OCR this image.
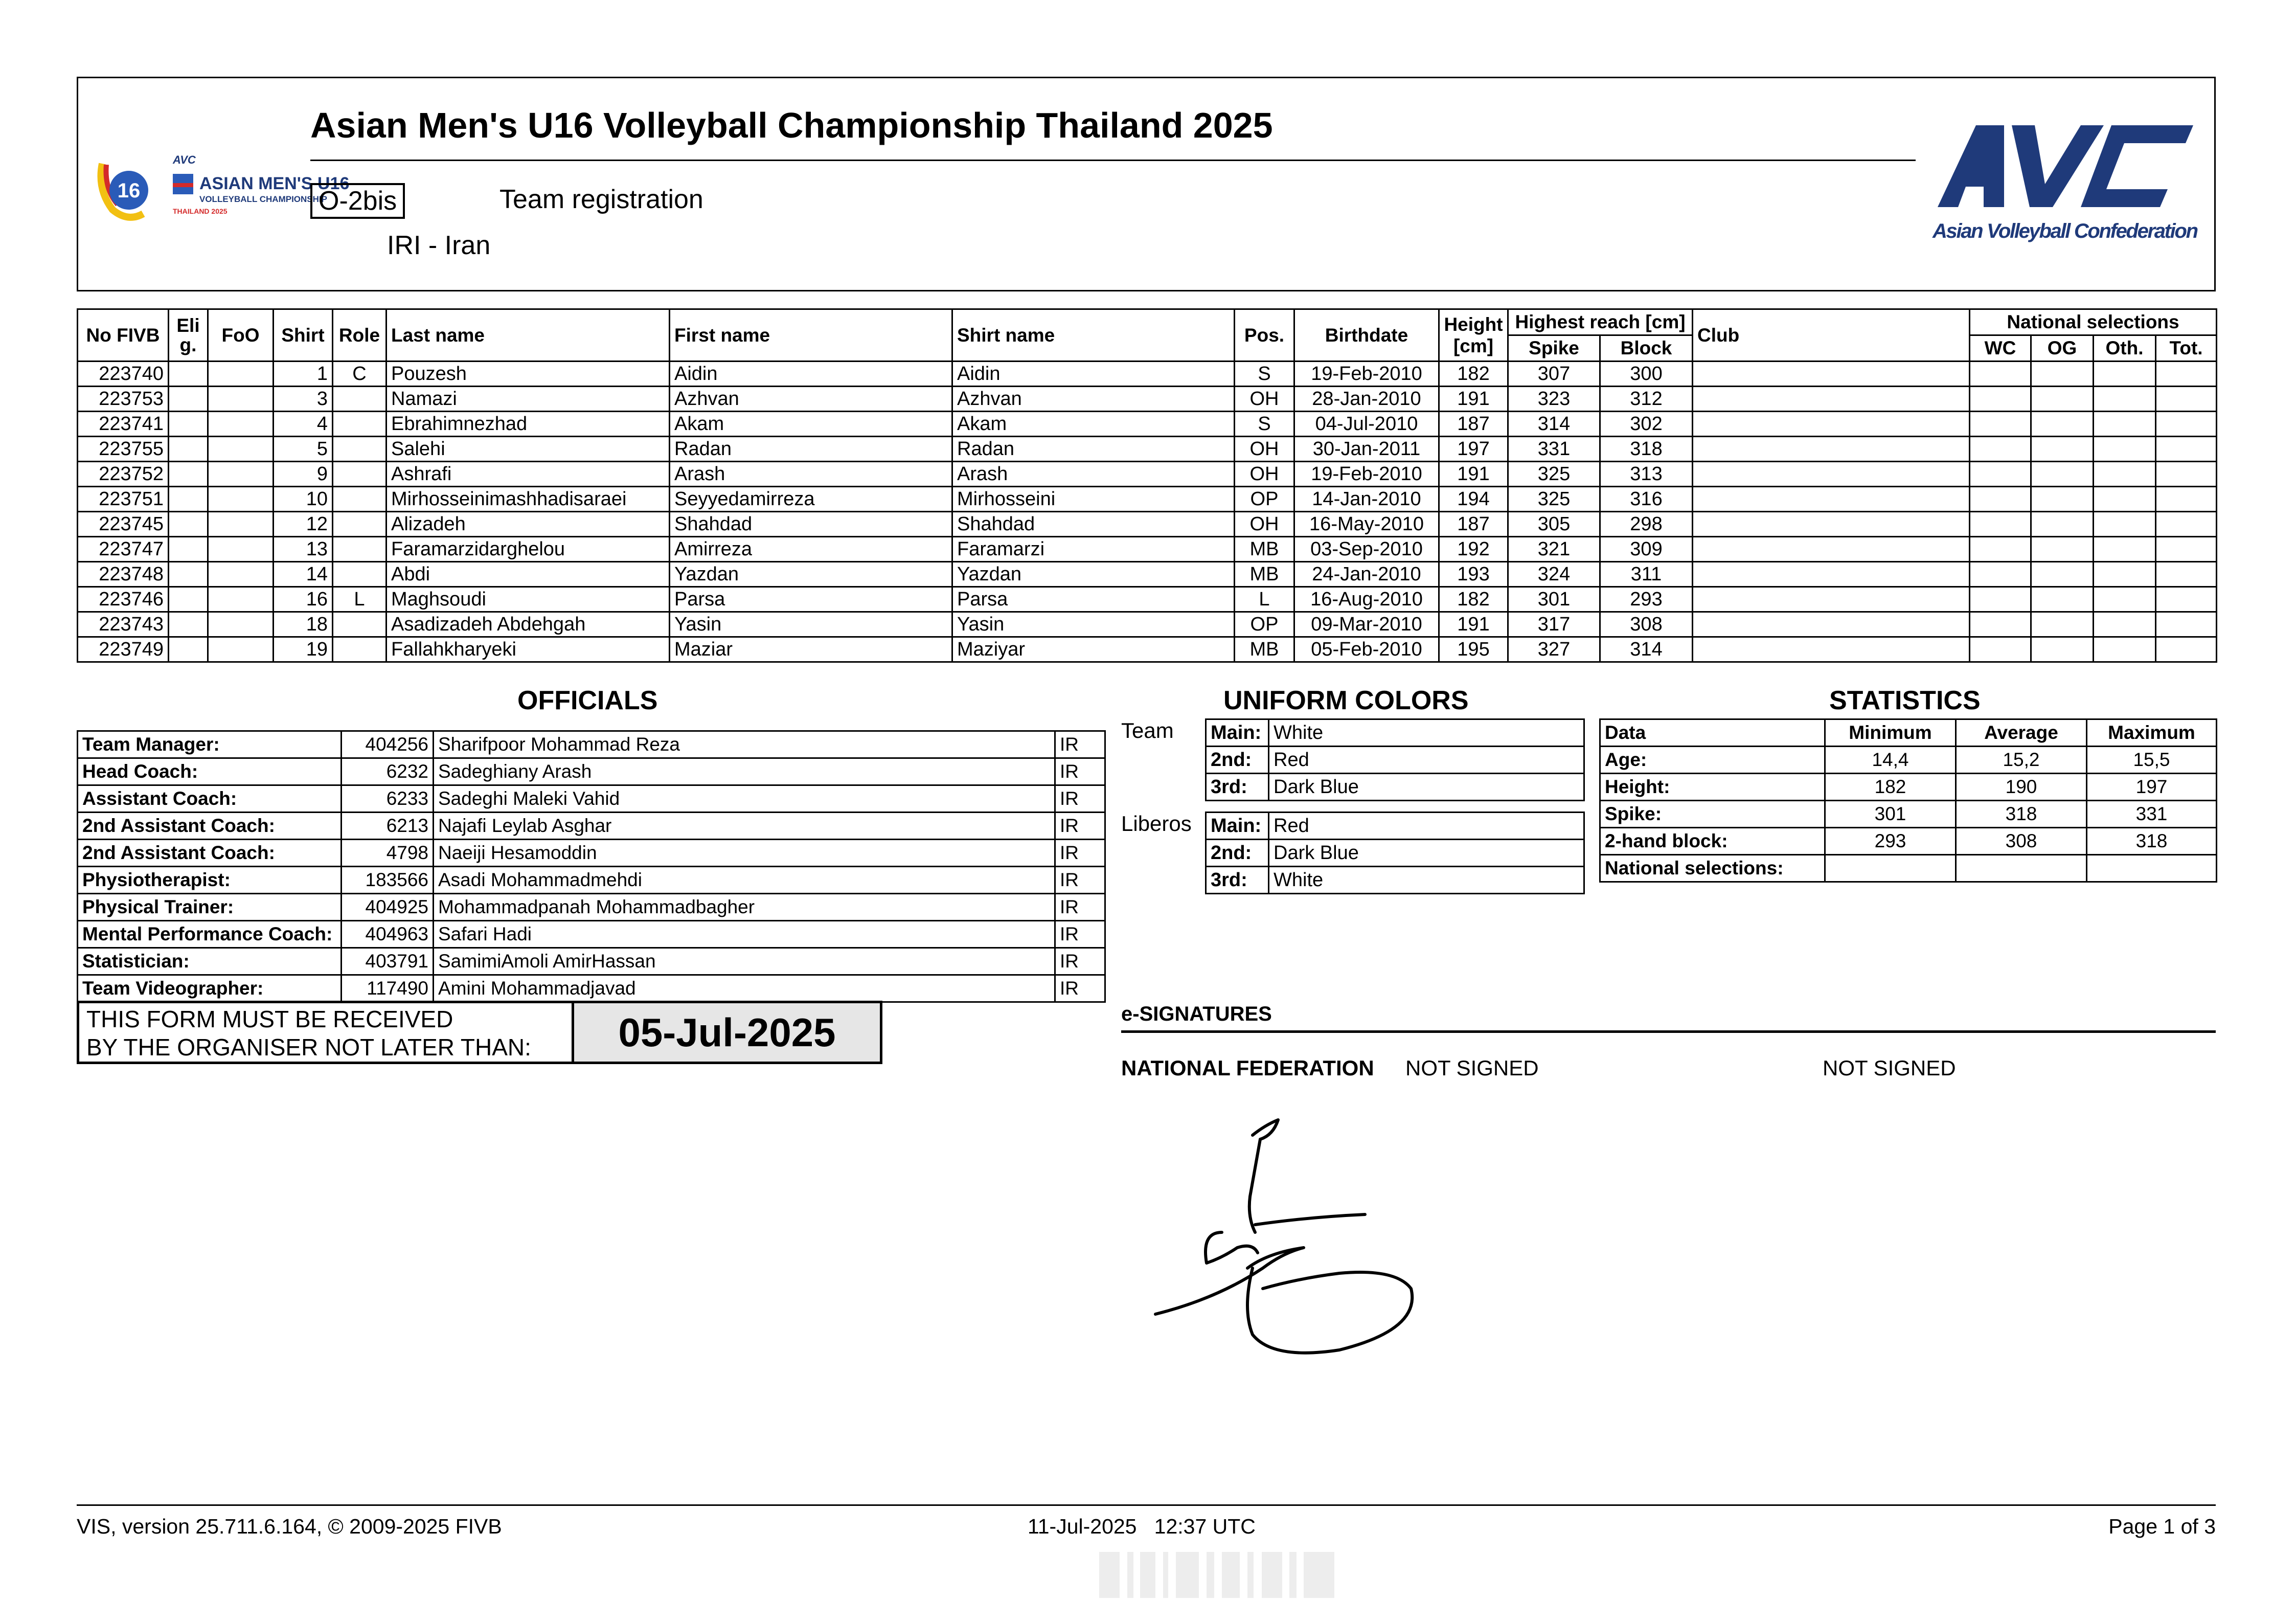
16
AVC
ASIAN MEN'S U16
VOLLEYBALL CHAMPIONSHIP
THAILAND 2025
Asian Men's U16 Volleyball Championship Thailand 2025
O-2bis	Team registration
IRI - Iran	Asian Volleyball Confederation
No FIVB	Eli g.	FoO	Shirt	Role	Last name	First name	Shirt name	Pos.	Birthdate	Height [cm]	Highest reach [cm]		Club	National selections			
											Spike	Block		WC	OG	Oth.	Tot.
223740			1	C	Pouzesh	Aidin	Aidin	S	19-Feb-2010	182	307	300					
223753			3		Namazi	Azhvan	Azhvan	OH	28-Jan-2010	191	323	312					
223741			4		Ebrahimnezhad	Akam	Akam	S	04-Jul-2010	187	314	302					
223755			5		Salehi	Radan	Radan	OH	30-Jan-2011	197	331	318					
223752			9		Ashrafi	Arash	Arash	OH	19-Feb-2010	191	325	313					
223751			10		Mirhosseinimashhadisaraei	Seyyedamirreza	Mirhosseini	OP	14-Jan-2010	194	325	316					
223745			12		Alizadeh	Shahdad	Shahdad	OH	16-May-2010	187	305	298					
223747			13		Faramarzidarghelou	Amirreza	Faramarzi	MB	03-Sep-2010	192	321	309					
223748			14		Abdi	Yazdan	Yazdan	MB	24-Jan-2010	193	324	311					
223746			16	L	Maghsoudi	Parsa	Parsa	L	16-Aug-2010	182	301	293					
223743			18		Asadizadeh Abdehgah	Yasin	Yasin	OP	09-Mar-2010	191	317	308					
223749			19		Fallahkharyeki	Maziar	Maziyar	MB	05-Feb-2010	195	327	314					
OFFICIALS
Team Manager:	404256	Sharifpoor Mohammad Reza	IR
Head Coach:	6232	Sadeghiany Arash	IR
Assistant Coach:	6233	Sadeghi Maleki Vahid	IR
2nd Assistant Coach:	6213	Najafi Leylab Asghar	IR
2nd Assistant Coach:	4798	Naeiji Hesamoddin	IR
Physiotherapist:	183566	Asadi Mohammadmehdi	IR
Physical Trainer:	404925	Mohammadpanah Mohammadbagher	IR
Mental Performance Coach:	404963	Safari Hadi	IR
Statistician:	403791	SamimiAmoli AmirHassan	IR
Team Videographer:	117490	Amini Mohammadjavad	IR
THIS FORM MUST BE RECEIVED
BY THE ORGANISER NOT LATER THAN:	05-Jul-2025
UNIFORM COLORS
Team Main:	White
2nd:	Red
3rd:	Dark Blue
Liberos Main:	Red
2nd:	Dark Blue
3rd:	White
STATISTICS
Data	Minimum	Average	Maximum
Age:	14,4	15,2	15,5
Height:	182	190	197
Spike:	301	318	331
2-hand block:	293	308	318
National selections:			
e-SIGNATURES
NATIONAL FEDERATION NOT SIGNED	NOT SIGNED
VIS, version 25.711.6.164, © 2009-2025 FIVB	11-Jul-2025   12:37 UTC	Page 1 of 3
